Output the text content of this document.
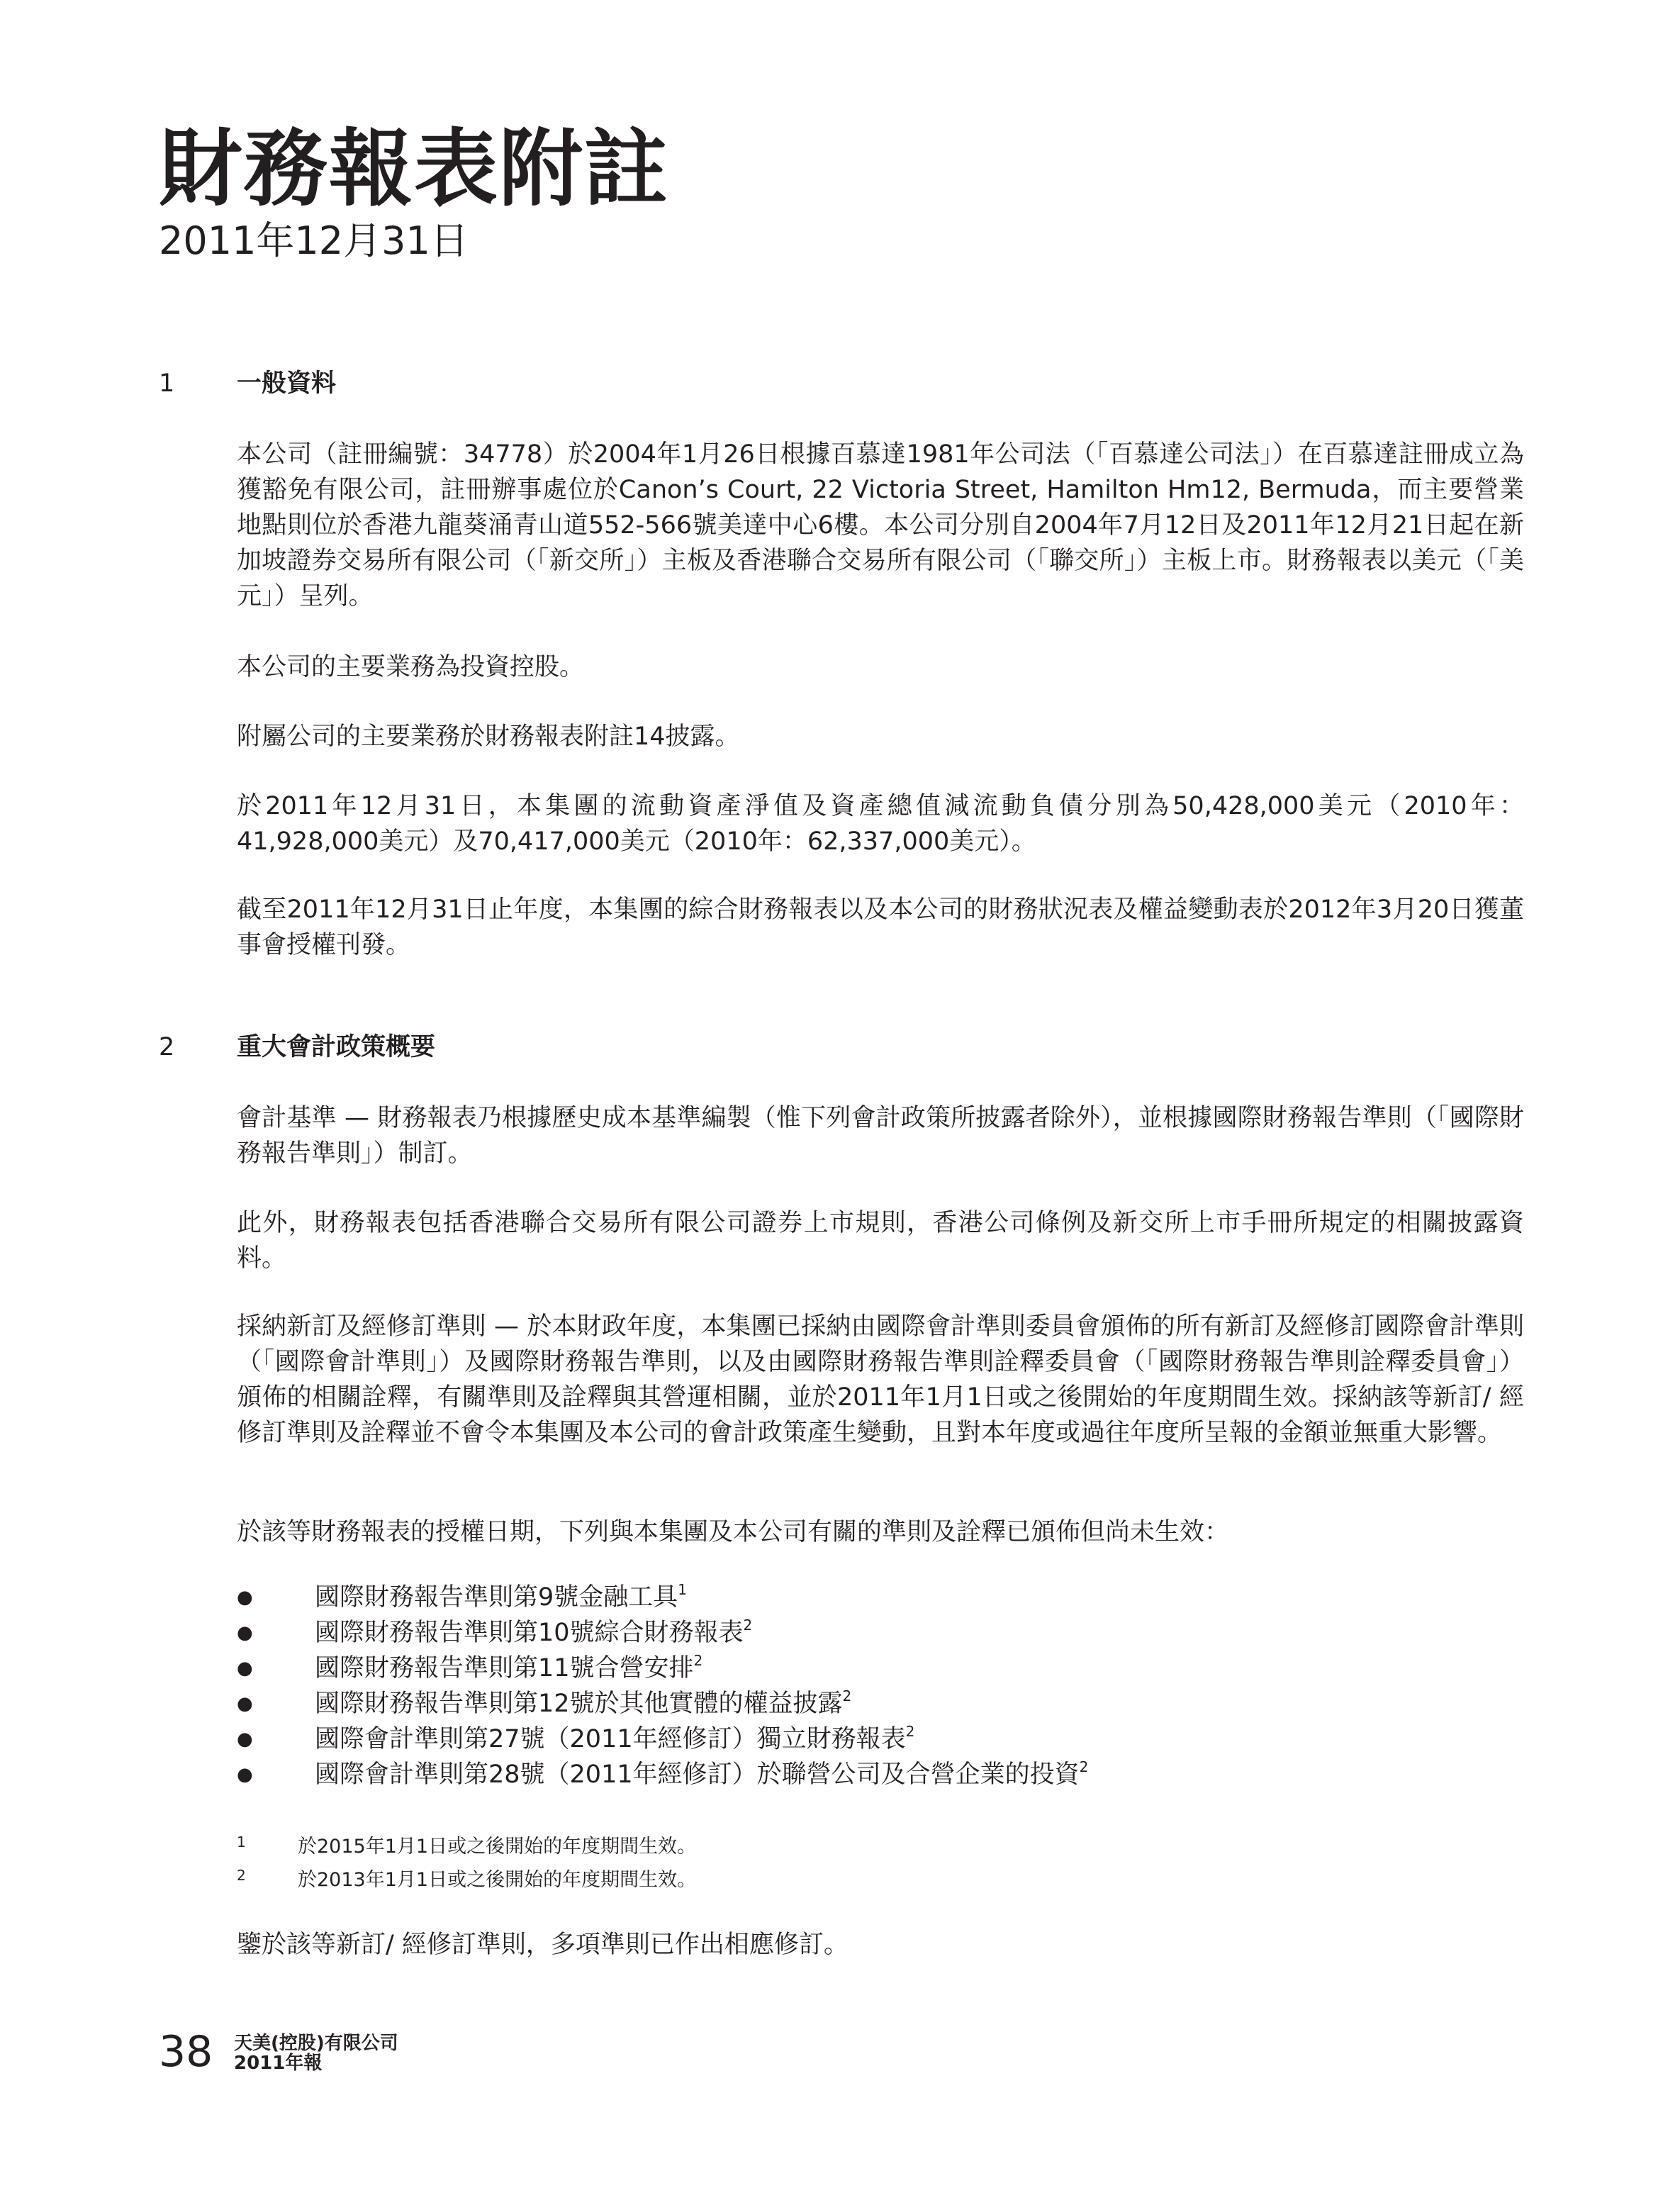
財務報表附註
2011年12月31日
1	一般資料

本公司（註冊編號：34778）於2004年1月26日根據百慕達1981年公司法（「百慕達公司法」）在百慕達註冊成立為獲豁免有限公司，註冊辦事處位於Canon’s Court, 22 Victoria Street, Hamilton Hm12, Bermuda，而主要營業地點則位於香港九龍葵涌青山道552-566號美達中心6樓。本公司分別自2004年7月12日及2011年12月21日起在新加坡證券交易所有限公司（「新交所」）主板及香港聯合交易所有限公司（「聯交所」）主板上市。財務報表以美元（「美元」）呈列。

本公司的主要業務為投資控股。

附屬公司的主要業務於財務報表附註14披露。

於2011年12月31日，本集團的流動資產淨值及資產總值減流動負債分別為50,428,000美元（2010年：41,928,000美元）及70,417,000美元（2010年：62,337,000美元）。

截至2011年12月31日止年度，本集團的綜合財務報表以及本公司的財務狀況表及權益變動表於2012年3月20日獲董事會授權刊發。

2	重大會計政策概要

會計基準 — 財務報表乃根據歷史成本基準編製（惟下列會計政策所披露者除外），並根據國際財務報告準則（「國際財務報告準則」）制訂。

此外，財務報表包括香港聯合交易所有限公司證券上市規則，香港公司條例及新交所上市手冊所規定的相關披露資料。

採納新訂及經修訂準則 — 於本財政年度，本集團已採納由國際會計準則委員會頒佈的所有新訂及經修訂國際會計準則（「國際會計準則」）及國際財務報告準則，以及由國際財務報告準則詮釋委員會（「國際財務報告準則詮釋委員會」）頒佈的相關詮釋，有關準則及詮釋與其營運相關，並於2011年1月1日或之後開始的年度期間生效。採納該等新訂/ 經修訂準則及詮釋並不會令本集團及本公司的會計政策產生變動，且對本年度或過往年度所呈報的金額並無重大影響。

於該等財務報表的授權日期，下列與本集團及本公司有關的準則及詮釋已頒佈但尚未生效：

● 國際財務報告準則第9號金融工具$^1$
● 國際財務報告準則第10號綜合財務報表$^2$
● 國際財務報告準則第11號合營安排$^2$
● 國際財務報告準則第12號於其他實體的權益披露$^2$
● 國際會計準則第27號（2011年經修訂）獨立財務報表$^2$
● 國際會計準則第28號（2011年經修訂）於聯營公司及合營企業的投資$^2$
1	於2015年1月1日或之後開始的年度期間生效。
2	於2013年1月1日或之後開始的年度期間生效。

鑒於該等新訂/ 經修訂準則，多項準則已作出相應修訂。

38 天美(控股)有限公司
2011年報
